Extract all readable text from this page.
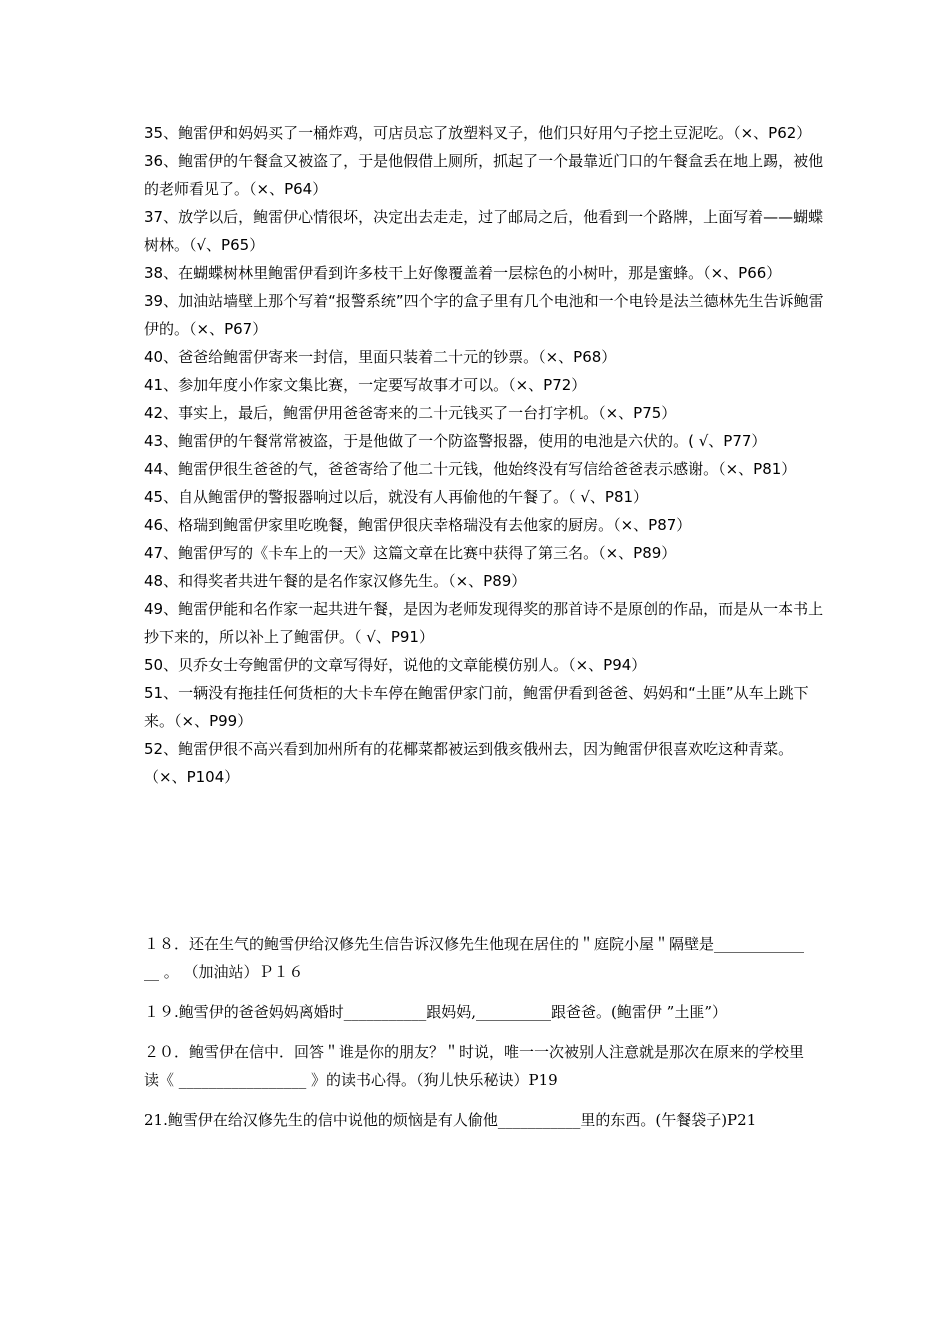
35、鲍雷伊和妈妈买了一桶炸鸡，可店员忘了放塑料叉子，他们只好用勺子挖土豆泥吃。（×、P62）

36、鲍雷伊的午餐盒又被盗了，于是他假借上厕所，抓起了一个最靠近门口的午餐盒丢在地上踢，被他的老师看见了。（×、P64）

37、放学以后，鲍雷伊心情很坏，决定出去走走，过了邮局之后，他看到一个路牌，上面写着——蝴蝶树林。（√、P65）

38、在蝴蝶树林里鲍雷伊看到许多枝干上好像覆盖着一层棕色的小树叶，那是蜜蜂。（×、P66）

39、加油站墙壁上那个写着“报警系统”四个字的盒子里有几个电池和一个电铃是法兰德林先生告诉鲍雷伊的。（×、P67）

40、爸爸给鲍雷伊寄来一封信，里面只装着二十元的钞票。（×、P68）

41、参加年度小作家文集比赛，一定要写故事才可以。（×、P72）

42、事实上，最后，鲍雷伊用爸爸寄来的二十元钱买了一台打字机。（×、P75）

43、鲍雷伊的午餐常常被盗，于是他做了一个防盗警报器，使用的电池是六伏的。( √、P77）

44、鲍雷伊很生爸爸的气，爸爸寄给了他二十元钱，他始终没有写信给爸爸表示感谢。（×、P81）

45、自从鲍雷伊的警报器响过以后，就没有人再偷他的午餐了。（ √、P81）

46、格瑞到鲍雷伊家里吃晚餐，鲍雷伊很庆幸格瑞没有去他家的厨房。（×、P87）

47、鲍雷伊写的《卡车上的一天》这篇文章在比赛中获得了第三名。（×、P89）

48、和得奖者共进午餐的是名作家汉修先生。（×、P89）

49、鲍雷伊能和名作家一起共进午餐，是因为老师发现得奖的那首诗不是原创的作品，而是从一本书上抄下来的，所以补上了鲍雷伊。（ √、P91）

50、贝乔女士夸鲍雷伊的文章写得好，说他的文章能模仿别人。（×、P94）

51、一辆没有拖挂任何货柜的大卡车停在鲍雷伊家门前，鲍雷伊看到爸爸、妈妈和“土匪”从车上跳下来。（×、P99）

52、鲍雷伊很不高兴看到加州所有的花椰菜都被运到俄亥俄州去，因为鲍雷伊很喜欢吃这种青菜。（×、P104）

１８．还在生气的鲍雪伊给汉修先生信告诉汉修先生他现在居住的＂庭院小屋＂隔壁是______________ 。 （加油站）Ｐ１６

１９.鲍雪伊的爸爸妈妈离婚时___________跟妈妈,__________跟爸爸。(鲍雷伊 ”土匪”）

２０．鲍雪伊在信中．回答＂谁是你的朋友？＂时说，唯一一次被别人注意就是那次在原来的学校里读《 _________________ 》的读书心得。（狗儿快乐秘诀）P19

21.鲍雪伊在给汉修先生的信中说他的烦恼是有人偷他___________里的东西。(午餐袋子)P21
